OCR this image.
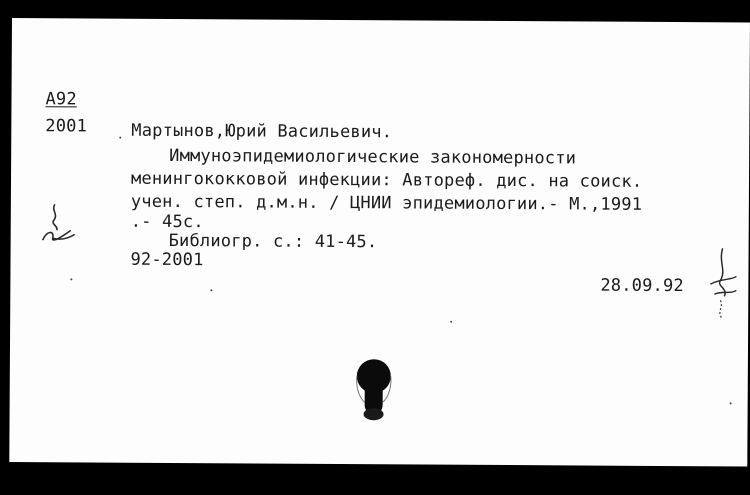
A92
2001	Мартынов,Юрий Васильевич.
Иммуноэпидемиологические закономерности
менингококковой инфекции: Автореф. дис. на соиск.
учен. степ. д.м.н. / ЦНИИ эпидемиологии.- М.,1991
.- 45с.
Библиогр. с.: 41-45.
92-2001
28.09.92
